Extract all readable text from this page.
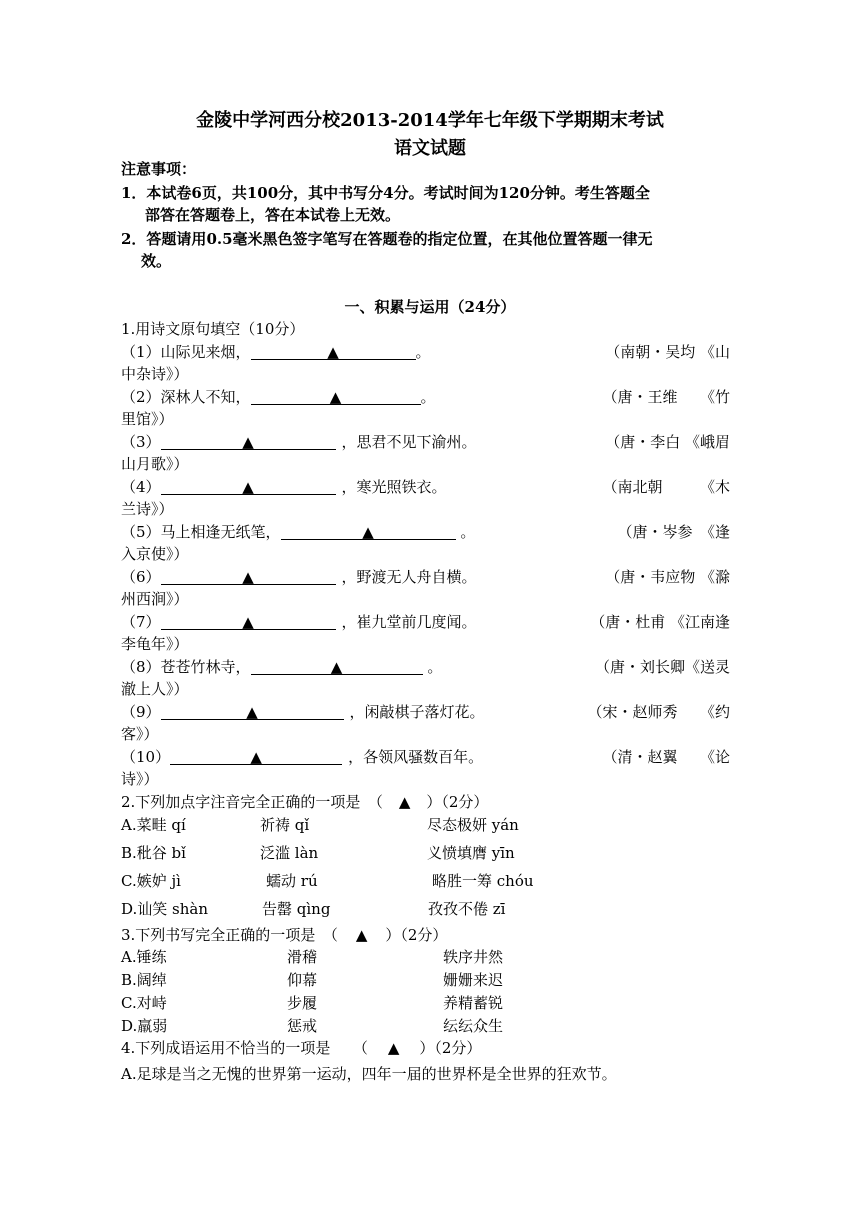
金陵中学河西分校2013-2014学年七年级下学期期末考试
语文试题
注意事项：
1．本试卷6页，共100分，其中书写分4分。考试时间为120分钟。考生答题全
部答在答题卷上，答在本试卷上无效。
2．答题请用0.5毫米黑色签字笔写在答题卷的指定位置，在其他位置答题一律无
效。
一、积累与运用（24分）
1.用诗文原句填空（10分）
（1）山际见来烟，	▲	。	（南朝・吴均 《山
中杂诗》）
（2）深林人不知，	▲	。	（唐・王维　　《竹
里馆》）
（3）	▲	，思君不见下渝州。	（唐・李白 《峨眉
山月歌》）
（4）	▲	，寒光照铁衣。	（南北朝　　　《木
兰诗》）
（5）马上相逢无纸笔，	▲	。	（唐・岑参　《逢
入京使》）
（6）	▲	，野渡无人舟自横。	（唐・韦应物 《滁
州西涧》）
（7）	▲	，崔九堂前几度闻。	（唐・杜甫 《江南逢
李龟年》）
（8）苍苍竹林寺，	▲	。	（唐・刘长卿《送灵
澈上人》）
（9）	▲	，闲敲棋子落灯花。	（宋・赵师秀　　《约
客》）
（10）	▲	，各领风骚数百年。	（清・赵翼　　《论
诗》）
2.下列加点字注音完全正确的一项是　（ ▲ ）（2分）
A.菜畦 qí	祈祷 qǐ	尽态极妍 yán
B.秕谷 bǐ	泛滥 làn	义愤填膺 yīn
C.嫉妒 jì	蠕动 rú	略胜一筹 chóu
D.讪笑 shàn	告罄 qìng	孜孜不倦 zī
3.下列书写完全正确的一项是　（ ▲ ）（2分）
A.锤练	滑稽	轶序井然
B.阔绰	仰幕	姗姗来迟
C.对峙	步履	养精蓄锐
D.羸弱	惩戒	纭纭众生
4.下列成语运用不恰当的一项是　　（ ▲ ）（2分）
A.足球是当之无愧的世界第一运动，四年一届的世界杯是全世界的狂欢节。
